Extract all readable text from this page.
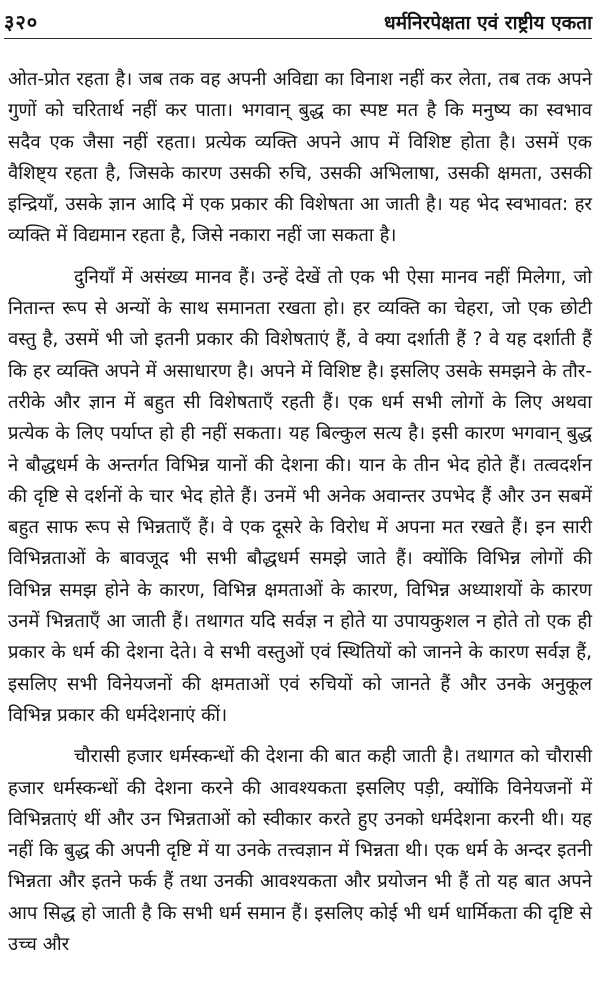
३२०	धर्मनिरपेक्षता एवं राष्ट्रीय एकता

ओत-प्रोत रहता है। जब तक वह अपनी अविद्या का विनाश नहीं कर लेता, तब तक अपने गुणों को चरितार्थ नहीं कर पाता। भगवान् बुद्ध का स्पष्ट मत है कि मनुष्य का स्वभाव सदैव एक जैसा नहीं रहता। प्रत्येक व्यक्ति अपने आप में विशिष्ट होता है। उसमें एक वैशिष्ट्य रहता है, जिसके कारण उसकी रुचि, उसकी अभिलाषा, उसकी क्षमता, उसकी इन्द्रियाँ, उसके ज्ञान आदि में एक प्रकार की विशेषता आ जाती है। यह भेद स्वभावत: हर व्यक्ति में विद्यमान रहता है, जिसे नकारा नहीं जा सकता है।

दुनियाँ में असंख्य मानव हैं। उन्हें देखें तो एक भी ऐसा मानव नहीं मिलेगा, जो नितान्त रूप से अन्यों के साथ समानता रखता हो। हर व्यक्ति का चेहरा, जो एक छोटी वस्तु है, उसमें भी जो इतनी प्रकार की विशेषताएं हैं, वे क्या दर्शाती हैं ? वे यह दर्शाती हैं कि हर व्यक्ति अपने में असाधारण है। अपने में विशिष्ट है। इसलिए उसके समझने के तौर-तरीके और ज्ञान में बहुत सी विशेषताएँ रहती हैं। एक धर्म सभी लोगों के लिए अथवा प्रत्येक के लिए पर्याप्त हो ही नहीं सकता। यह बिल्कुल सत्य है। इसी कारण भगवान् बुद्ध ने बौद्धधर्म के अन्तर्गत विभिन्न यानों की देशना की। यान के तीन भेद होते हैं। तत्वदर्शन की दृष्टि से दर्शनों के चार भेद होते हैं। उनमें भी अनेक अवान्तर उपभेद हैं और उन सबमें बहुत साफ रूप से भिन्नताएँ हैं। वे एक दूसरे के विरोध में अपना मत रखते हैं। इन सारी विभिन्नताओं के बावजूद भी सभी बौद्धधर्म समझे जाते हैं। क्योंकि विभिन्न लोगों की विभिन्न समझ होने के कारण, विभिन्न क्षमताओं के कारण, विभिन्न अध्याशयों के कारण उनमें भिन्नताएँ आ जाती हैं। तथागत यदि सर्वज्ञ न होते या उपायकुशल न होते तो एक ही प्रकार के धर्म की देशना देते। वे सभी वस्तुओं एवं स्थितियों को जानने के कारण सर्वज्ञ हैं, इसलिए सभी विनेयजनों की क्षमताओं एवं रुचियों को जानते हैं और उनके अनुकूल विभिन्न प्रकार की धर्मदेशनाएं कीं।

चौरासी हजार धर्मस्कन्धों की देशना की बात कही जाती है। तथागत को चौरासी हजार धर्मस्कन्धों की देशना करने की आवश्यकता इसलिए पड़ी, क्योंकि विनेयजनों में विभिन्नताएं थीं और उन भिन्नताओं को स्वीकार करते हुए उनको धर्मदेशना करनी थी। यह नहीं कि बुद्ध की अपनी दृष्टि में या उनके तत्त्वज्ञान में भिन्नता थी। एक धर्म के अन्दर इतनी भिन्नता और इतने फर्क हैं तथा उनकी आवश्यकता और प्रयोजन भी हैं तो यह बात अपने आप सिद्ध हो जाती है कि सभी धर्म समान हैं। इसलिए कोई भी धर्म धार्मिकता की दृष्टि से उच्च और
